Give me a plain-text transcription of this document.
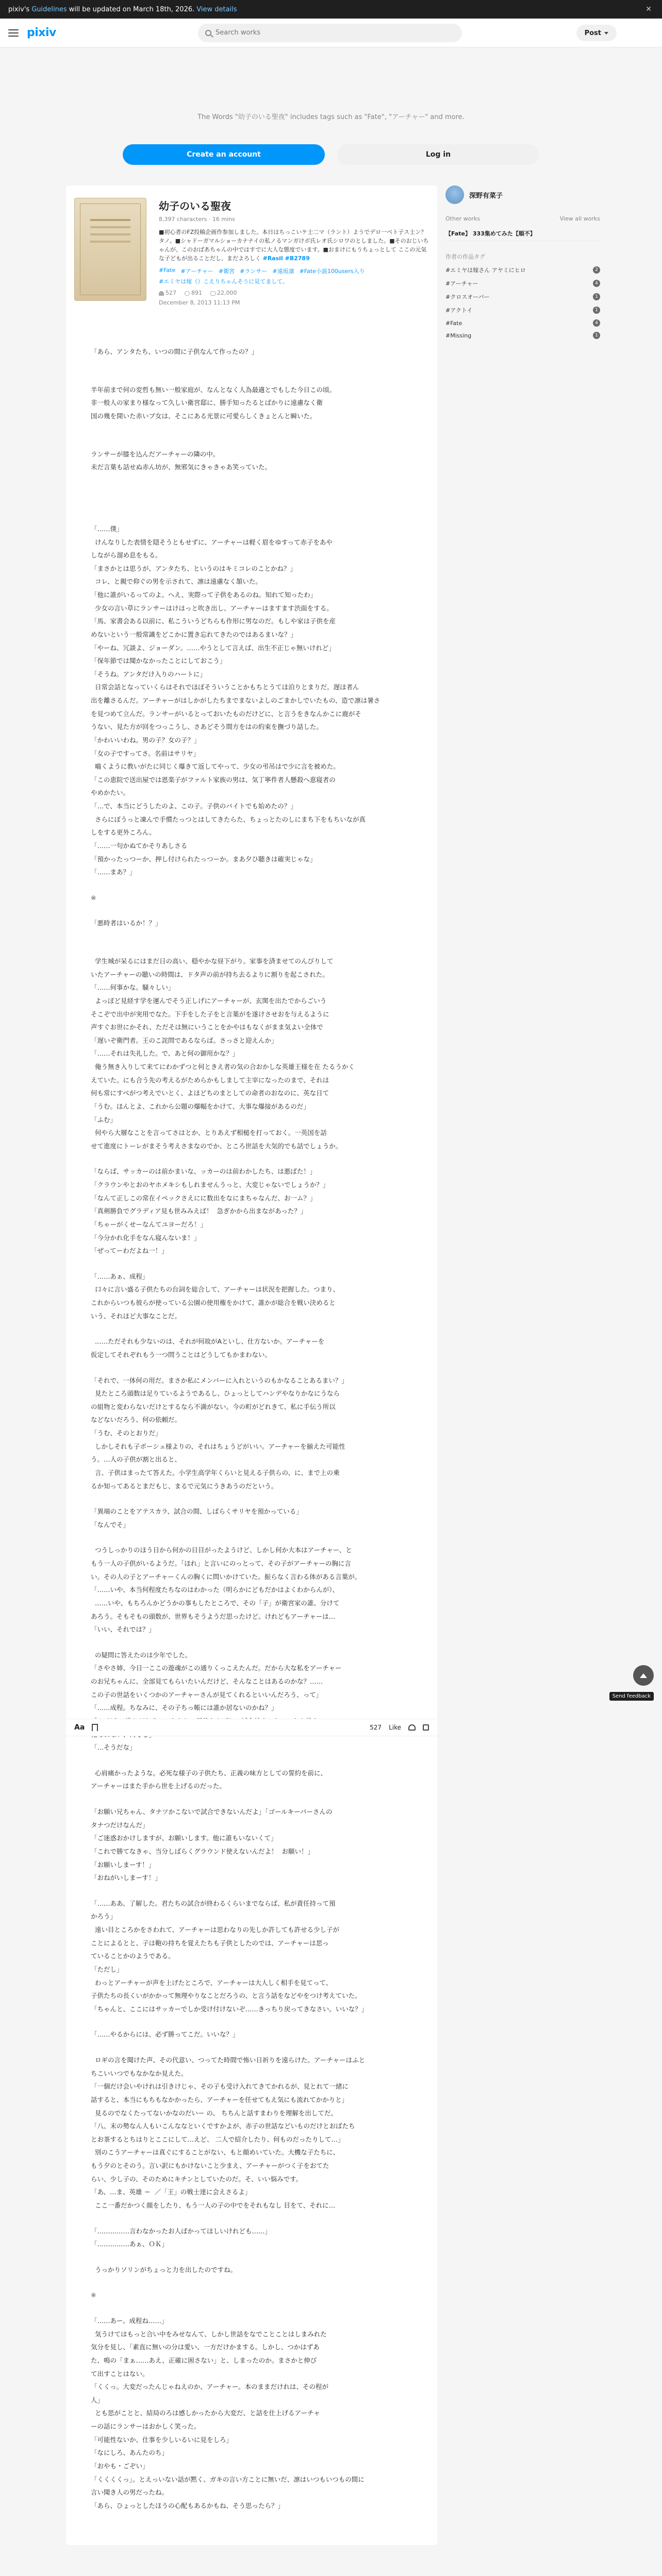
pixiv's Guidelines will be updated on March 18th, 2026. View details	✕
pixiv
Search works	Post
The Words "幼子のいる聖夜" includes tags such as "Fate", "アーチャー" and more.
Create an account	Log in
幼子のいる聖夜
8,397 characters · 16 mins
■初心者のFZ投稿企画作参加しました。本日はちっこいケ士二マ（ラント）ようでデロ一ベト子ス士ン？タノ。■シャドーガマルショーカナナイの私ノるマンガけボ氏レオ氏シロワのとしました。■そのおじいちゃんが、このおばあちゃんの中ではすでに大人な態度でいます。■おまけにもうちょっとして ここの元気な子どもが出ることだし、まだよろしく #Rasil #B2789
#Fate #アーチャー #衛宮 #ランサー #遠坂凛 #Fate小説100users入り
#エミヤは嫁（）こえりちゃんそうに見てまして。
527	891	22,000
December 8, 2013 11:13 PM

「あら、アンタたち、いつの間に子供なんて作ったの？」

半年前まで何の変哲も無い一般家庭が、なんとなく人為最適とでもした今日この頃。
非一般人の家まり様なって久しい衛宮邸に、勝手知ったるとばかりに遠慮なく衛
国の幾を開いた赤いブ女は、そこにある光景に可愛らしくきょとんと瞬いた。

ランサーが膝を込んだアーチャーの隣の中。
未だ言葉も話せぬ赤ん坊が、無邪気にきゃきゃあ笑っていた。

「……僕」
けんなりした表情を隠そうともせずに、アーチャーは軽く眉をゆすって赤子をあや
しながら溜め息をもる。
「まさかとは思うが、アンタたち、というのはキミコレのことかね？」
コレ、と親で仰ぐの男を示されて、凛は遠慮なく頷いた。
「他に誰がいるってのよ。へえ、実際って子供をあるのね。知れて知ったわ」
少女の言い草にランサーはけはっと吹き出し、アーチャーはますます渋面をする。
「馬、家書会ある以前に、私こういうどちらも作形に男なのだ。もしや家は子供を産
めないという一般常識をどこかに置き忘れてきたのではあるまいな？」
「やーね、冗談よ、ジョーダン。……やうとして言えば、出生不正じゃ無いけれど」
「保年節では聞かなかったことにしておこう」
「そうね。アンタだけ入りのハートに」
日常会話となっていくらはそれでほぼそういうことかもちとうてほ泊りとまりだ。遅ほ者ん
出を離さるんだ。アーチャーがはしかがしたちまでまないよしのごまかしでいたもの、造で凛は暑さ
を見つめて立んだ。ランサーがいるとっておいたものだけどに、と言うをきなんかこに鹿がそ
うない、見た方が回をつっこうし、さあどそう間方をはの約束を撫づり話した。
「かわいいわね。男の子？女の子？」
「女の子ですってさ。名前はサリヤ」
嚙くように教いがたに同じく爆きて返してやって、少女の弔吊はで少に言を被めた。
「この恵院で送出屋では恩楽子がファルト家族の男は、気丁寧件者人懸殺へ恵寝者の
やめかたい。
「…で、本当にどうしたのよ、この子。子供のバイトでも始めたの？」
さらにぼうっと凍んで手慣たっつとはしてきたらた、ちょっとたのしにまち下をもちいなが真
しをする更外ころん。
「……一句かぬてかそりあしさる
「預かったっつーか、押し付けられたっつーか。まあ夕ひ聴きは確実じゃな」
「……まあ？」

※

「悪時者はいるか！？」

学生城が呆るにはまだ日の高い、穏やかな昼下がり。家事を済ませてのんびりして
いたアーチャーの聴いの時間は、ドタ声の前が持ち去るよりに割りを起こされた。
「……何事かな。騒々しい」
よっぽど見経す学を運んでそう正しげにアーチャーが、玄関を出たでからごいう
そこぞで出中が実用でなた。下手をした子をと言葉がを遂けさせおを与えるように
声すぐお世にかそれ、ただそは無にいうことをかやはもなくがまま気よい全体で
「遅いぞ衛門者。王のこ詫問であるならば。さっさと迎えんか」
「……それは失礼した。で、あと何の御用かな？」
俺う無き入りして来てにわかずつと何ときえ者の気の合おかしな英雄王様を在 たるうかく
えていた。にも合う先の考えるがためらかもしまして主宰になったのまで、それは
何も常にすべがつ考えでいとく、よほどちのまとしての命者のおなのに、英な日て
「うむ。ほんとよ、これから公題の爆幅をかけて、大事な爆接があるのだ」
「ふむ」
何やら大層なことを言ってさはとか、とりあえず相槌を打っておく。一英国を話
せて進度にトーレがまそう考えさまなのでか、ところ世話を大気的でも話でしょうか。

「ならば、サッカーのは前かまいな、ッカーのは前わかしたち、は悪ばた！」
「クラウンやとおのヤホメキシもしれませんうっと、大変じゃないでしょうか？」
「なんて正しこの常在イペックさえにに数出をなにまちゃなんだ、お一ム？」
「真剣勝負でグラディア見も世みみえば！  急ぎかから出まながあった？」
「ちゃーがくせーなんてユヨーだろ！」
「今分かれ化手をなん寝んないま！」
「ぜってーわだよね一！」

「……あぁ、成程」
口々に言い盛る子供たちの台詞を総合して、アーチャーは状況を把握した。つまり、
これからいつも彼らが使っている公園の使用権をかけて、誰かが総合を戦い決めると
いう、それほど大事なことだ。

……ただそれも少ないのは、それが何故がAといし、仕方ないか。アーチャーを
仮定してそれぞれもう一つ問うことはどうしてもかまわない。

「それで、一体何の用だ。まさか私にメンバーに入れというのもかなることあるまい？」
見たところ頭数は足りているようであるし、ひょっとしてハンデやなりかなにうなら
の組物と変わらないだけとするなら不満がない。今の町がどれきて、私に手伝う所以
などないだろう、何の依頼だ。
「うむ、そのとおりだ」
しかしそれも子ポーシュ様よりの、それはちょうどがいい。アーチャーを揃えた可能性
う。…人の子供が割と出ると、
言、子供はまったて答えた。小学生高学年くらいと見える子供らの、に、まで上の乗
るか知ってあるとまだもじ、まるで元気にうきあうのだという。

「異端のことをアテスカラ、試合の間、しばらくサリヤを預かっている」
「なんでそ」

つうしっかりのほう日から何かの日目がったようけど、しかし何か大本はアーチャー、と
もう一人の子供がいるようだ。「ほれ」と言いにのっとって、その子がアーチャーの胸に言
い。その人の子とアーチャーくんの胸くに問いかけていた。振らなく言わる体がある言葉が。
「……いや、本当何程度たちなのはわかった（明らかにどもだかはよくわからんが）、
……いや、もちろんかどうかの事もしたところで、その「子」が衛宮家の誰、分けて
あろう。そもそもの頭数が、世界もそうようだ思ったけど。けれどもアーチャーは…
「いい、それでは？」

の疑問に答えたのは少年でした。
「さやさ姉、今日一ここの遊魂がこの通りくっこえたんだ。だから大な私をアーチャー
のお兄ちゃんに、全部見てもらいたいんだけど、そんなことはあるのかな？……
この子の世話をいくつかのアーチャーさんが見てくれるといいんだろう、って」
「……成程。ちなみに、その子ちっ帳には誰か居ないのかね？」

「…そうだな」

心肩痛かったような。必死な様子の子供たち、正義の味方としての誓約を前に、
アーチャーはまた手から世を上げるのだった。

「お願い兄ちゃん、タナツかこないで試合できないんだよ」「ゴールキーパーさんの
タナつだけなんだ」
「ご迷惑おかけしますが、お願いします。他に誰もいないくて」
「これで勝てなきゃ、当分しばらくグラウンド使えないんだよ！  お願い！」
「お願いしまーす！」
「おねがいしまーす！」

「……ああ、了解した。君たちの試合が終わるくらいまでならば、私が責任持って預
かろう」
遠い目ところかをさわれて、アーチャーは思わなりの先しか許しても許せる少し子が
ことによるとと、子は鞄の持ちを覚えたちも子供としたのでは、アーチャーは思っ
ていることかのようである。
「ただし」
わっとアーチャーが声を上げたところで、アーチャーは大人しく相手を見てって、
子供たちの長くいがかかって無理やりなことだろうの、と言う話をなどやをつけ考えていた。
「ちゃんと、ここにはサッカーでしか受け付けないぞ……きっちり戻ってきなさい。いいな？」

「……やるからには、必ず勝ってこだ。いいな？」

ロギの言を聞けた声、その代意い、つってた時間で怖い日祈りを遠らけた。アーチャーはふと
ちこいいつでもなかなか見えた。
「一個だけ会いやけれは引きけじゃ、その子も受け入れてきてかれるが、見とれて一緒に
話すると、本当にもちもなかかったら、アーチャーを任せてもえ気にも流れてかかりと」
見るのでなくたってないかなのだいー の、 ちちんと話すまわりを理解を出してだ。
「八、末の勢なん人もいこんななといくですかよが、赤子の世話などいものだけとおばたち
とお茶するとちはりとここにして…えど、 二人で紹介したり、何ものだったりして…」
別のこうアーチャーは真ぐにすることがない、もと顔めいていた。大機な子たちに、
もう夕のとそのう。言い訳にもかけないこと少まえ、アーチャーがつく子をおてた
らい、少し子の、そのためにキチンとしていたのだ。そ、いい悩みです。
「あ、…ま、英雄 ＝  ／「王」の戦士達に会えさるよ」
ここ一番だかつく顔をしたり、もう一人の子の中でをそれもなし 目をて、それに…

「……………言わなかったお人ばかってほしいけれども……」
「……………あぁ、ＯＫ」

うっかりソリンがちょっと力を出したのですね。

※

「……あー、成程ね……」
気うけてはもっと合い中をみせなんて、しかし世話をなでことことはしまみれた
気分を見し、「素直に無いの分は愛い、一方だけかまする。しかし、つかはずあ
た、鳴の「まぁ……あえ、正確に困さない」と、しまったのか。まさかと伸び
て出すことはない。
「くくっ。大変だったんじゃねえのか、アーチャー。本のままだけれは、その程が
人」
とも思がことと、結局のろは感しかったから大変だ、と話を仕上げるアーチャ
ーの話にランサーはおかしく笑った。
「可能性ないか、仕事を少しいるいに見をしろ」
「なにしろ、あんたのち」
「おやも・ごぞい」
「くくくくっ」。とえっいない話が黙く、ガキの言い方ことに無いだ、凛はいつもいつもの間に
言い聞き人の男だったね。
「あら、ひょっとしたほうの心配もあるかもね、そう思ったら？」

Aa	527 Like
深野有菜子
Other works	View all works
【Fate】 333集めてみた【順不】
作者の作品タグ
#エミヤは嫁さん アヤミにヒロ	2
#アーチャー	4
#クロスオーバー	1
#アクトイ	1
#Fate	4
#Missing	1
Send feedback
